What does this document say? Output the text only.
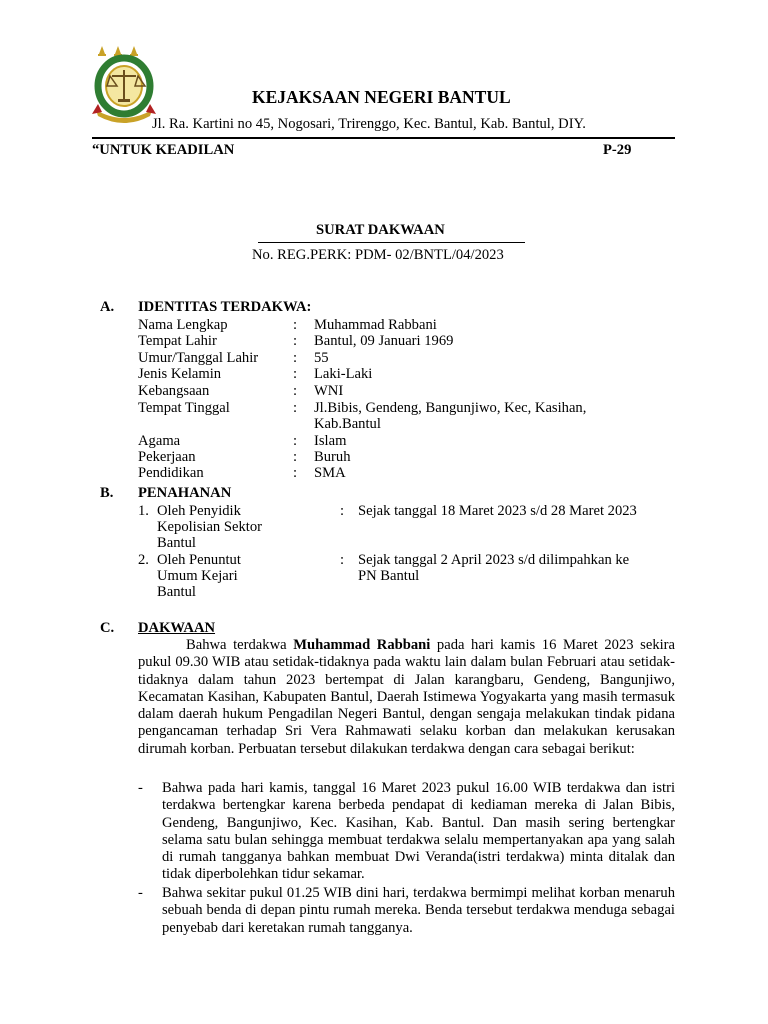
KEJAKSAAN NEGERI BANTUL
Jl. Ra. Kartini no 45, Nogosari, Trirenggo, Kec. Bantul, Kab. Bantul, DIY.
“UNTUK KEADILAN	P-29
SURAT DAKWAAN
No. REG.PERK: PDM- 02/BNTL/04/2023
A. IDENTITAS TERDAKWA:
Nama Lengkap	: Muhammad Rabbani
Tempat Lahir	: Bantul, 09 Januari 1969
Umur/Tanggal Lahir : 55
Jenis Kelamin	: Laki-Laki
Kebangsaan	: WNI
Tempat Tinggal	: Jl.Bibis, Gendeng, Bangunjiwo, Kec, Kasihan,
Kab.Bantul
Agama	: Islam
Pekerjaan	: Buruh
Pendidikan	: SMA
B. PENAHANAN
1. Oleh Penyidik
Kepolisian Sektor
Bantul
: Sejak tanggal 18 Maret 2023 s/d 28 Maret 2023
2. Oleh Penuntut
Umum Kejari
Bantul
: Sejak tanggal 2 April 2023 s/d dilimpahkan ke
PN Bantul
C. DAKWAAN
Bahwa terdakwa Muhammad Rabbani pada hari kamis 16 Maret 2023 sekira pukul 09.30 WIB atau setidak-tidaknya pada waktu lain dalam bulan Februari atau setidak-tidaknya dalam tahun 2023 bertempat di Jalan karangbaru, Gendeng, Bangunjiwo, Kecamatan Kasihan, Kabupaten Bantul, Daerah Istimewa Yogyakarta yang masih termasuk dalam daerah hukum Pengadilan Negeri Bantul, dengan sengaja melakukan tindak pidana pengancaman terhadap Sri Vera Rahmawati selaku korban dan melakukan kerusakan dirumah korban. Perbuatan tersebut dilakukan terdakwa dengan cara sebagai berikut:
- Bahwa pada hari kamis, tanggal 16 Maret 2023 pukul 16.00 WIB terdakwa dan istri terdakwa bertengkar karena berbeda pendapat di kediaman mereka di Jalan Bibis, Gendeng, Bangunjiwo, Kec. Kasihan, Kab. Bantul. Dan masih sering bertengkar selama satu bulan sehingga membuat terdakwa selalu mempertanyakan apa yang salah di rumah tangganya bahkan membuat Dwi Veranda(istri terdakwa) minta ditalak dan tidak diperbolehkan tidur sekamar.
- Bahwa sekitar pukul 01.25 WIB dini hari, terdakwa bermimpi melihat korban menaruh sebuah benda di depan pintu rumah mereka. Benda tersebut terdakwa menduga sebagai penyebab dari keretakan rumah tangganya.
